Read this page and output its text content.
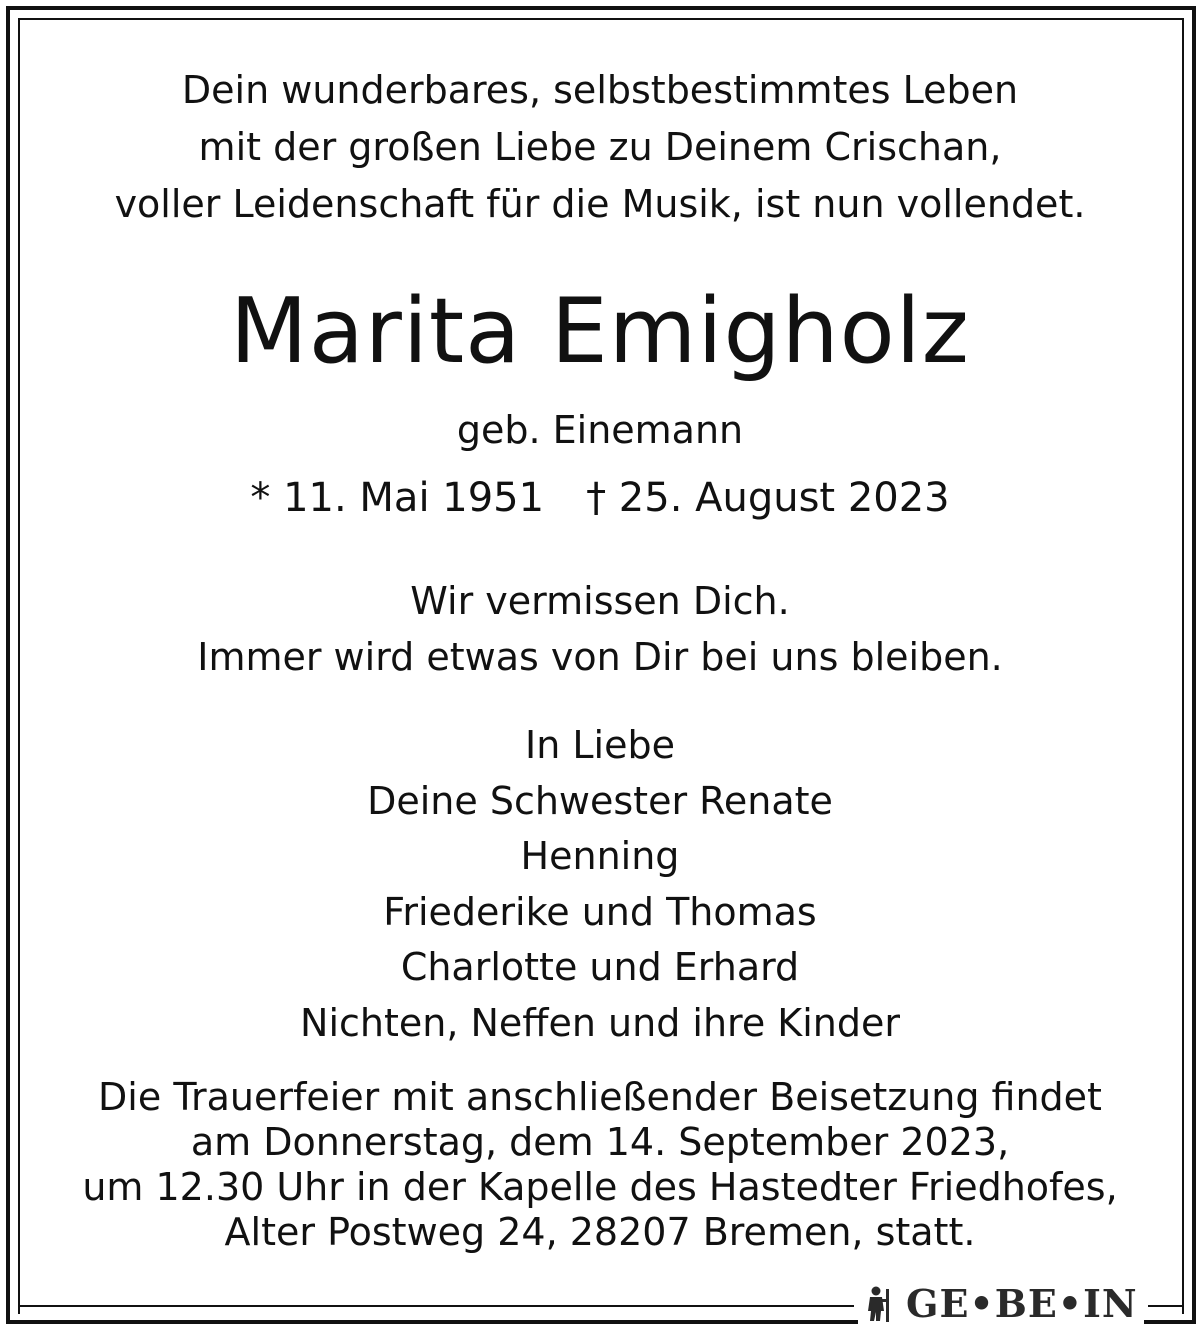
Dein wunderbares, selbstbestimmtes Leben
mit der großen Liebe zu Deinem Crischan,
voller Leidenschaft für die Musik, ist nun vollendet.
Marita Emigholz
geb. Einemann
* 11. Mai 1951 † 25. August 2023
Wir vermissen Dich.
Immer wird etwas von Dir bei uns bleiben.
In Liebe
Deine Schwester Renate
Henning
Friederike und Thomas
Charlotte und Erhard
Nichten, Neffen und ihre Kinder
Die Trauerfeier mit anschließender Beisetzung findet
am Donnerstag, dem 14. September 2023,
um 12.30 Uhr in der Kapelle des Hastedter Friedhofes,
Alter Postweg 24, 28207 Bremen, statt.
GE•BE•IN
